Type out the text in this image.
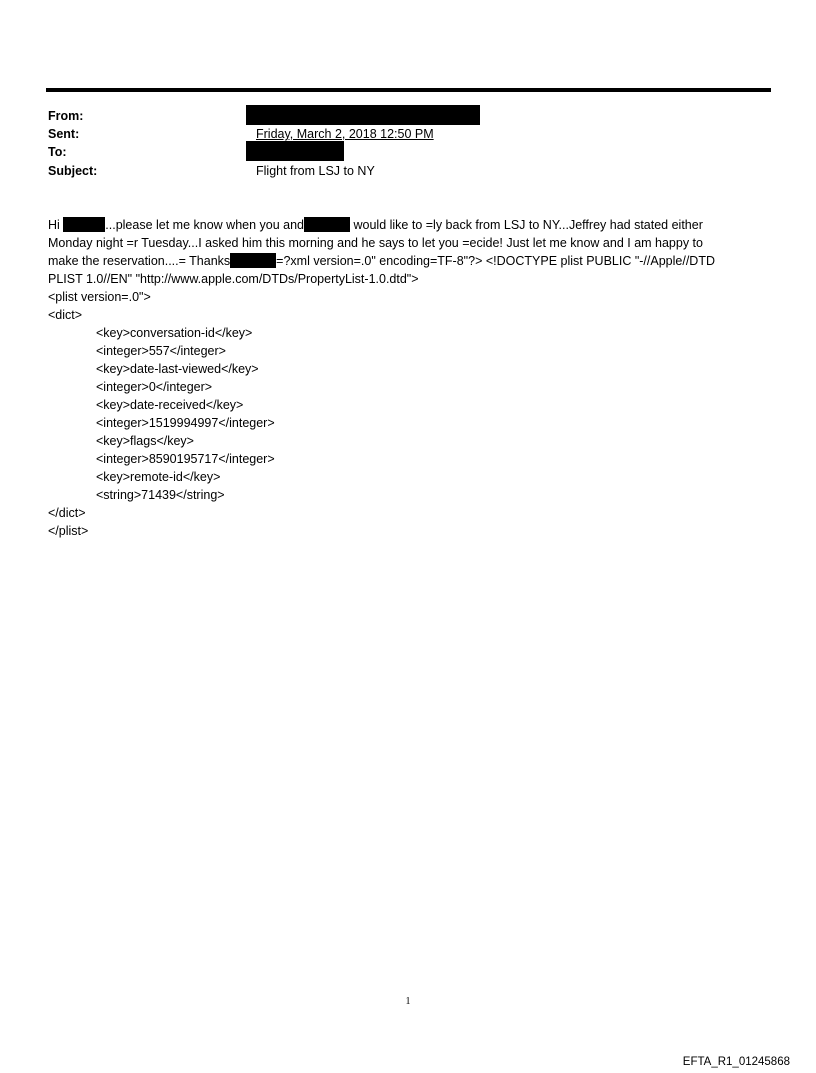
From:
Sent:	Friday, March 2, 2018 12:50 PM
To:
Subject:	Flight from LSJ to NY
Hi	...please let me know when you and	would like to =ly back from LSJ to NY...Jeffrey had stated either
Monday night =r Tuesday...I asked him this morning and he says to let you =ecide! Just let me know and I am happy to
make the reservation....= Thanks	=?xml version=.0" encoding=TF-8"?> <!DOCTYPE plist PUBLIC "-//Apple//DTD
PLIST 1.0//EN" "http://www.apple.com/DTDs/PropertyList-1.0.dtd">
<plist version=.0">
<dict>
<key>conversation-id</key>
<integer>557</integer>
<key>date-last-viewed</key>
<integer>0</integer>
<key>date-received</key>
<integer>1519994997</integer>
<key>flags</key>
<integer>8590195717</integer>
<key>remote-id</key>
<string>71439</string>
</dict>
</plist>
1
EFTA_R1_01245868
